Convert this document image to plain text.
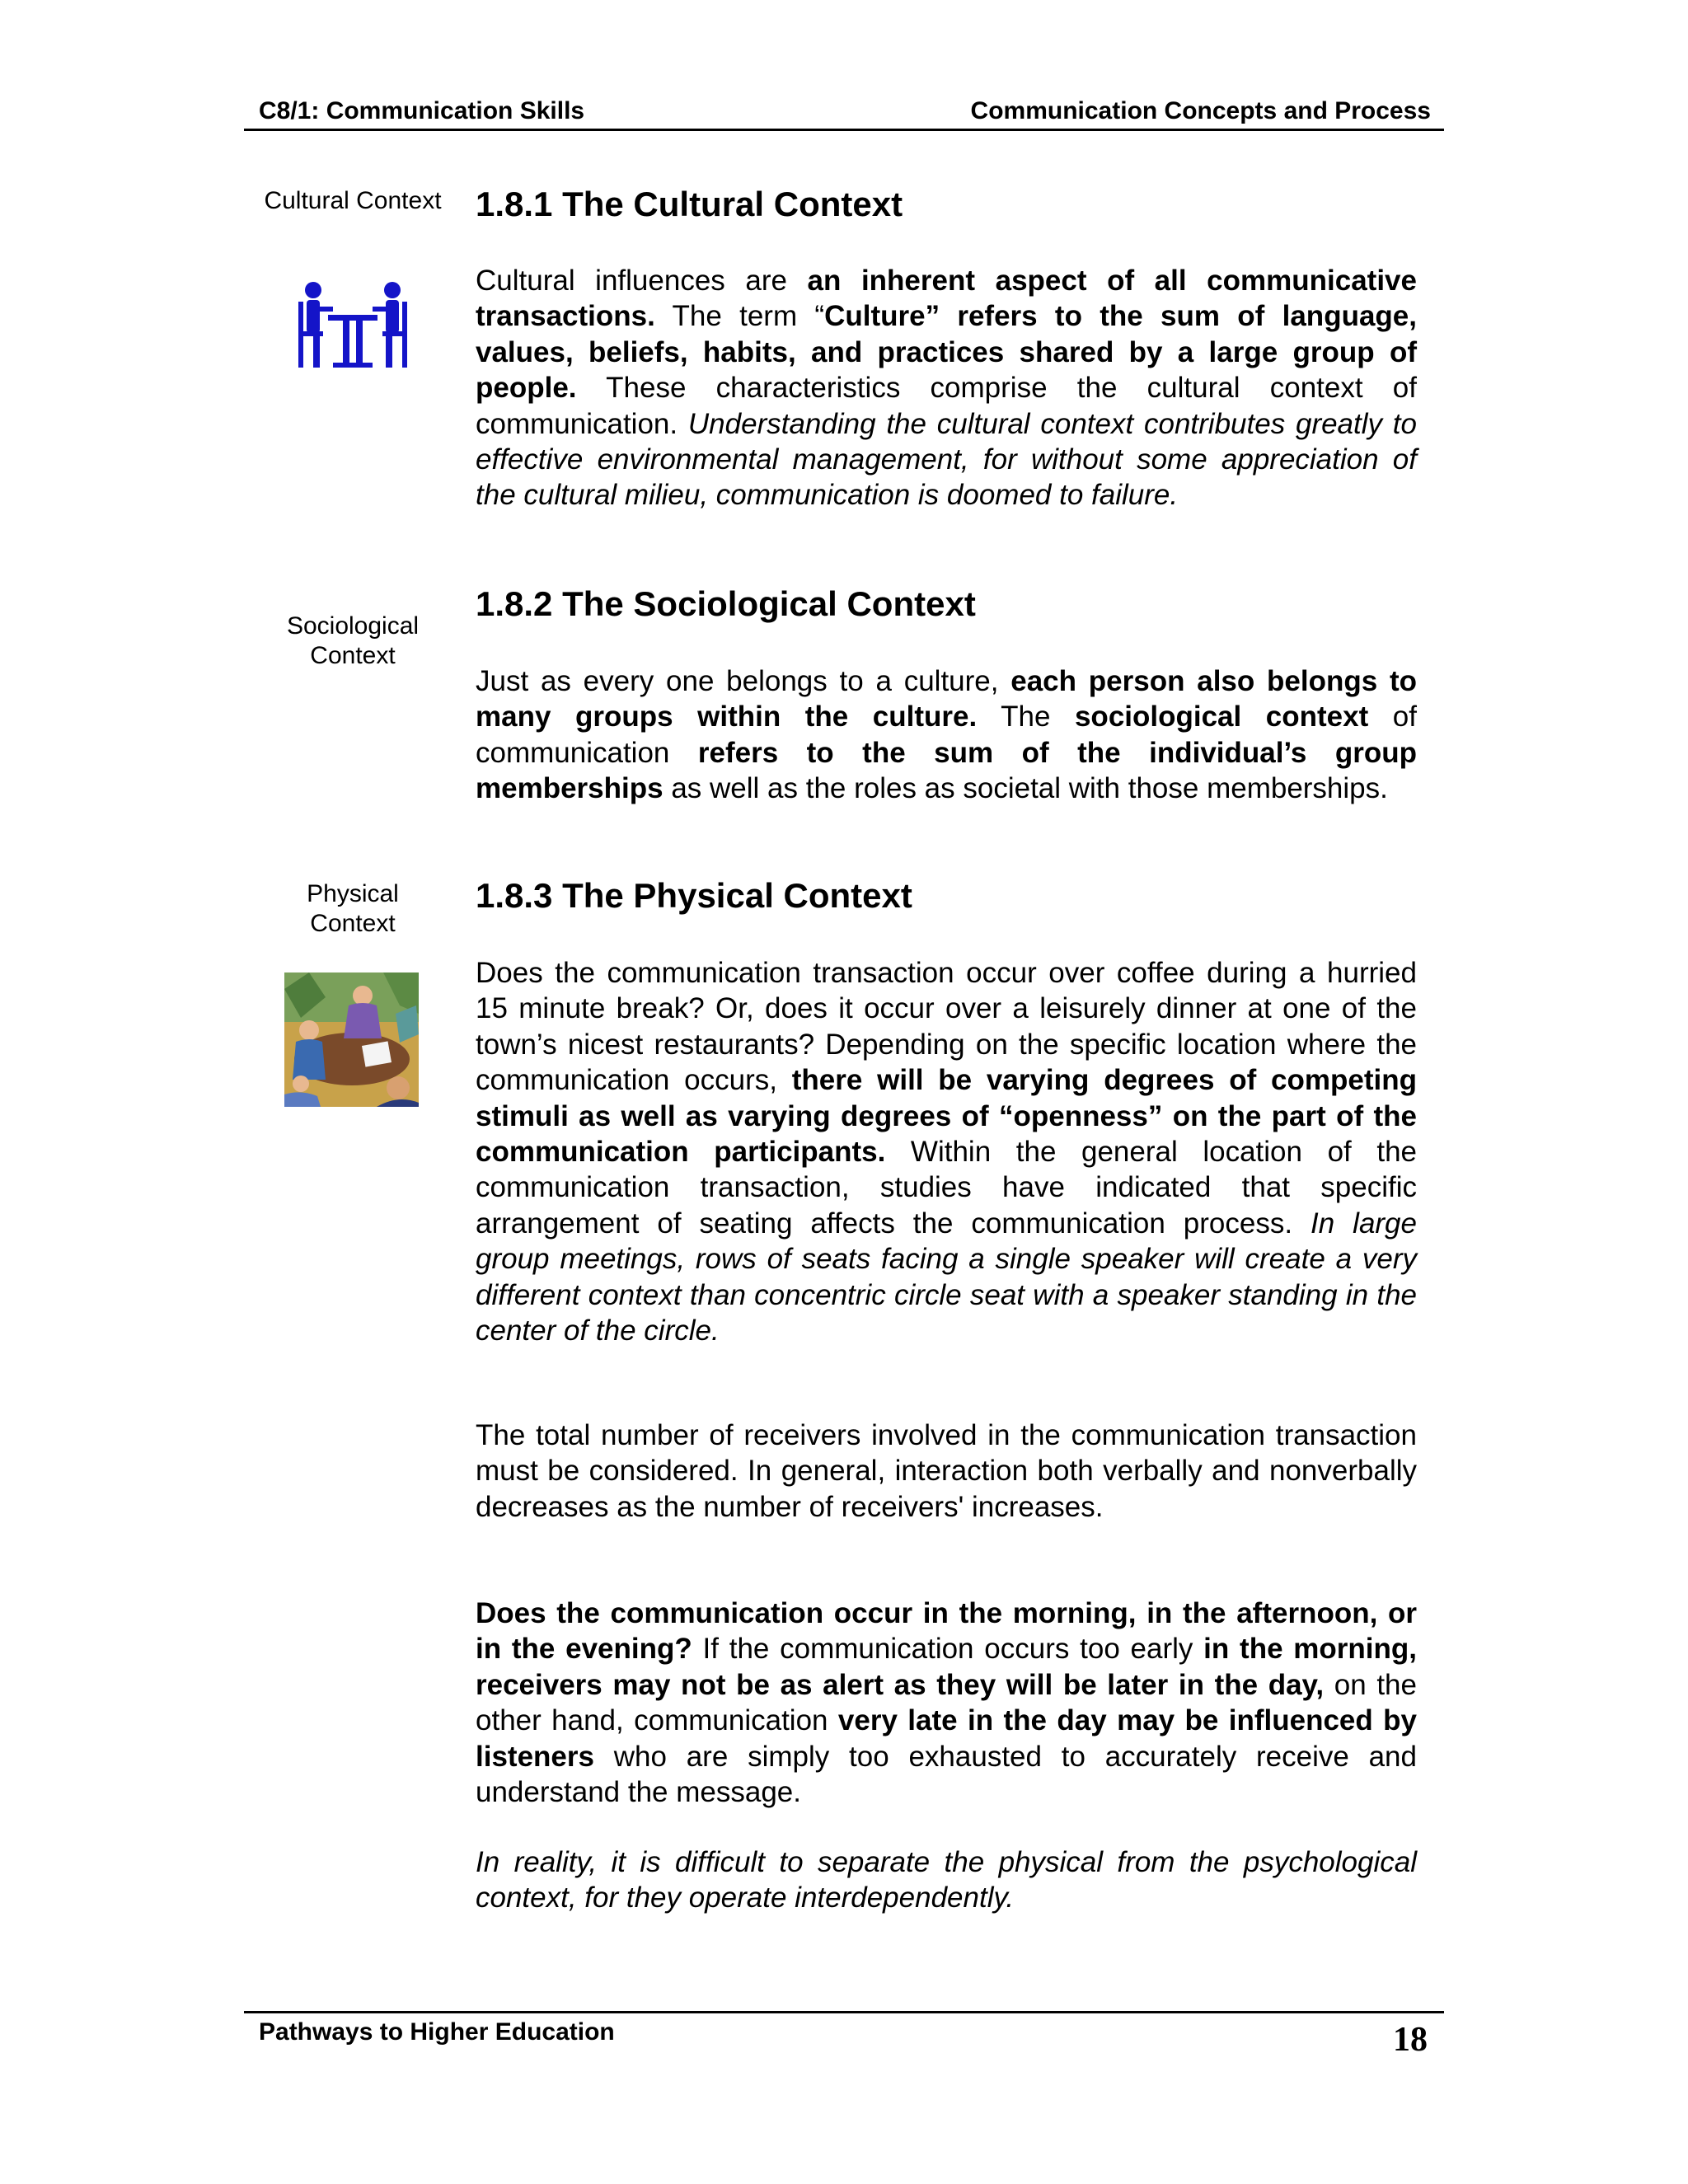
C8/1: Communication Skills	Communication Concepts and Process
Cultural Context
Sociological
Context
Physical
Context
1.8.1 The Cultural Context
Cultural influences are an inherent aspect of all communicative transactions. The term “Culture” refers to the sum of language, values, beliefs, habits, and practices shared by a large group of people. These characteristics comprise the cultural context of communication. Understanding the cultural context contributes greatly to effective environmental management, for without some appreciation of the cultural milieu, communication is doomed to failure.
1.8.2 The Sociological Context
Just as every one belongs to a culture, each person also belongs to many groups within the culture. The sociological context of communication refers to the sum of the individual’s group memberships as well as the roles as societal with those memberships.
1.8.3 The Physical Context
Does the communication transaction occur over coffee during a hurried 15 minute break? Or, does it occur over a leisurely dinner at one of the town’s nicest restaurants? Depending on the specific location where the communication occurs, there will be varying degrees of competing stimuli as well as varying degrees of “openness” on the part of the communication participants. Within the general location of the communication transaction, studies have indicated that specific arrangement of seating affects the communication process. In large group meetings, rows of seats facing a single speaker will create a very different context than concentric circle seat with a speaker standing in the center of the circle.
The total number of receivers involved in the communication transaction must be considered. In general, interaction both verbally and nonverbally decreases as the number of receivers' increases.
Does the communication occur in the morning, in the afternoon, or in the evening? If the communication occurs too early in the morning, receivers may not be as alert as they will be later in the day, on the other hand, communication very late in the day may be influenced by listeners who are simply too exhausted to accurately receive and understand the message.
In reality, it is difficult to separate the physical from the psychological context, for they operate interdependently.
Pathways to Higher Education	18
